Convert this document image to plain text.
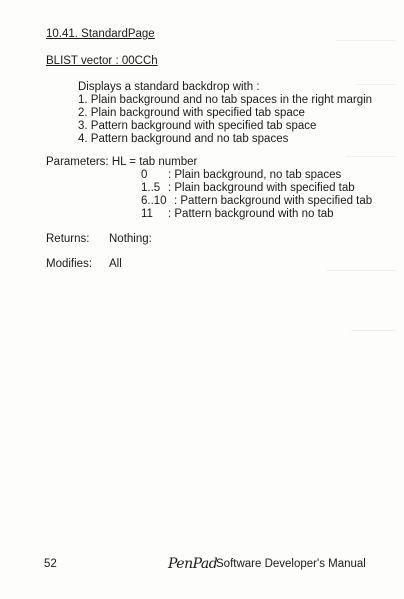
10.41. StandardPage
BLIST vector : 00CCh
Displays a standard backdrop with :
1. Plain background and no tab spaces in the right margin
2. Plain background with specified tab space
3. Pattern background with specified tab space
4. Pattern background and no tab spaces
Parameters: HL = tab number
0 : Plain background, no tab spaces
1..5 : Plain background with specified tab
6..10 : Pattern background with specified tab
11 : Pattern background with no tab
Returns: Nothing:
Modifies: All
52	PenPad
Software Developer's Manual
